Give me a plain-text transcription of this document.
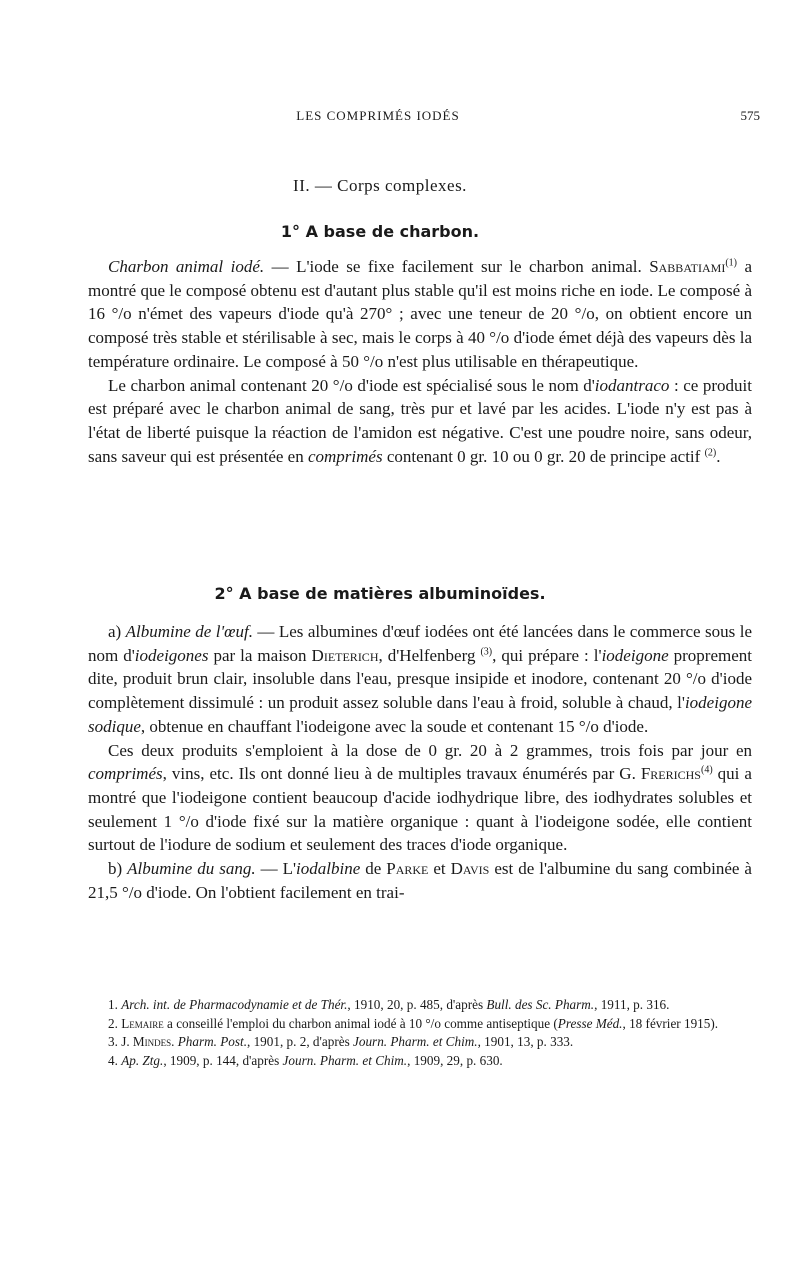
LES COMPRIMÉS IODÉS	575
II. — Corps complexes.
1° A base de charbon.

Charbon animal iodé. — L'iode se fixe facilement sur le charbon animal. Sabbatiami$^{(1)}$ a montré que le composé obtenu est d'autant plus stable qu'il est moins riche en iode. Le composé à 16 °/o n'émet des vapeurs d'iode qu'à 270° ; avec une teneur de 20 °/o, on obtient encore un composé très stable et stérilisable à sec, mais le corps à 40 °/o d'iode émet déjà des vapeurs dès la température ordinaire. Le composé à 50 °/o n'est plus utilisable en thérapeutique.

Le charbon animal contenant 20 °/o d'iode est spécialisé sous le nom d'iodantraco : ce produit est préparé avec le charbon animal de sang, très pur et lavé par les acides. L'iode n'y est pas à l'état de liberté puisque la réaction de l'amidon est négative. C'est une poudre noire, sans odeur, sans saveur qui est présentée en comprimés contenant 0 gr. 10 ou 0 gr. 20 de principe actif $^{(2)}$.

2° A base de matières albuminoïdes.

a) Albumine de l'œuf. — Les albumines d'œuf iodées ont été lancées dans le commerce sous le nom d'iodeigones par la maison Dieterich, d'Helfenberg $^{(3)}$, qui prépare : l'iodeigone proprement dite, produit brun clair, insoluble dans l'eau, presque insipide et inodore, contenant 20 °/o d'iode complètement dissimulé : un produit assez soluble dans l'eau à froid, soluble à chaud, l'iodeigone sodique, obtenue en chauffant l'iodeigone avec la soude et contenant 15 °/o d'iode.

Ces deux produits s'emploient à la dose de 0 gr. 20 à 2 grammes, trois fois par jour en comprimés, vins, etc. Ils ont donné lieu à de multiples travaux énumérés par G. Frerichs$^{(4)}$ qui a montré que l'iodeigone contient beaucoup d'acide iodhydrique libre, des iodhydrates solubles et seulement 1 °/o d'iode fixé sur la matière organique : quant à l'iodeigone sodée, elle contient surtout de l'iodure de sodium et seulement des traces d'iode organique.

b) Albumine du sang. — L'iodalbine de Parke et Davis est de l'albumine du sang combinée à 21,5 °/o d'iode. On l'obtient facilement en trai-

1. Arch. int. de Pharmacodynamie et de Thér., 1910, 20, p. 485, d'après Bull. des Sc. Pharm., 1911, p. 316.

2. Lemaire a conseillé l'emploi du charbon animal iodé à 10 °/o comme antiseptique (Presse Méd., 18 février 1915).

3. J. Mindes. Pharm. Post., 1901, p. 2, d'après Journ. Pharm. et Chim., 1901, 13, p. 333.

4. Ap. Ztg., 1909, p. 144, d'après Journ. Pharm. et Chim., 1909, 29, p. 630.
